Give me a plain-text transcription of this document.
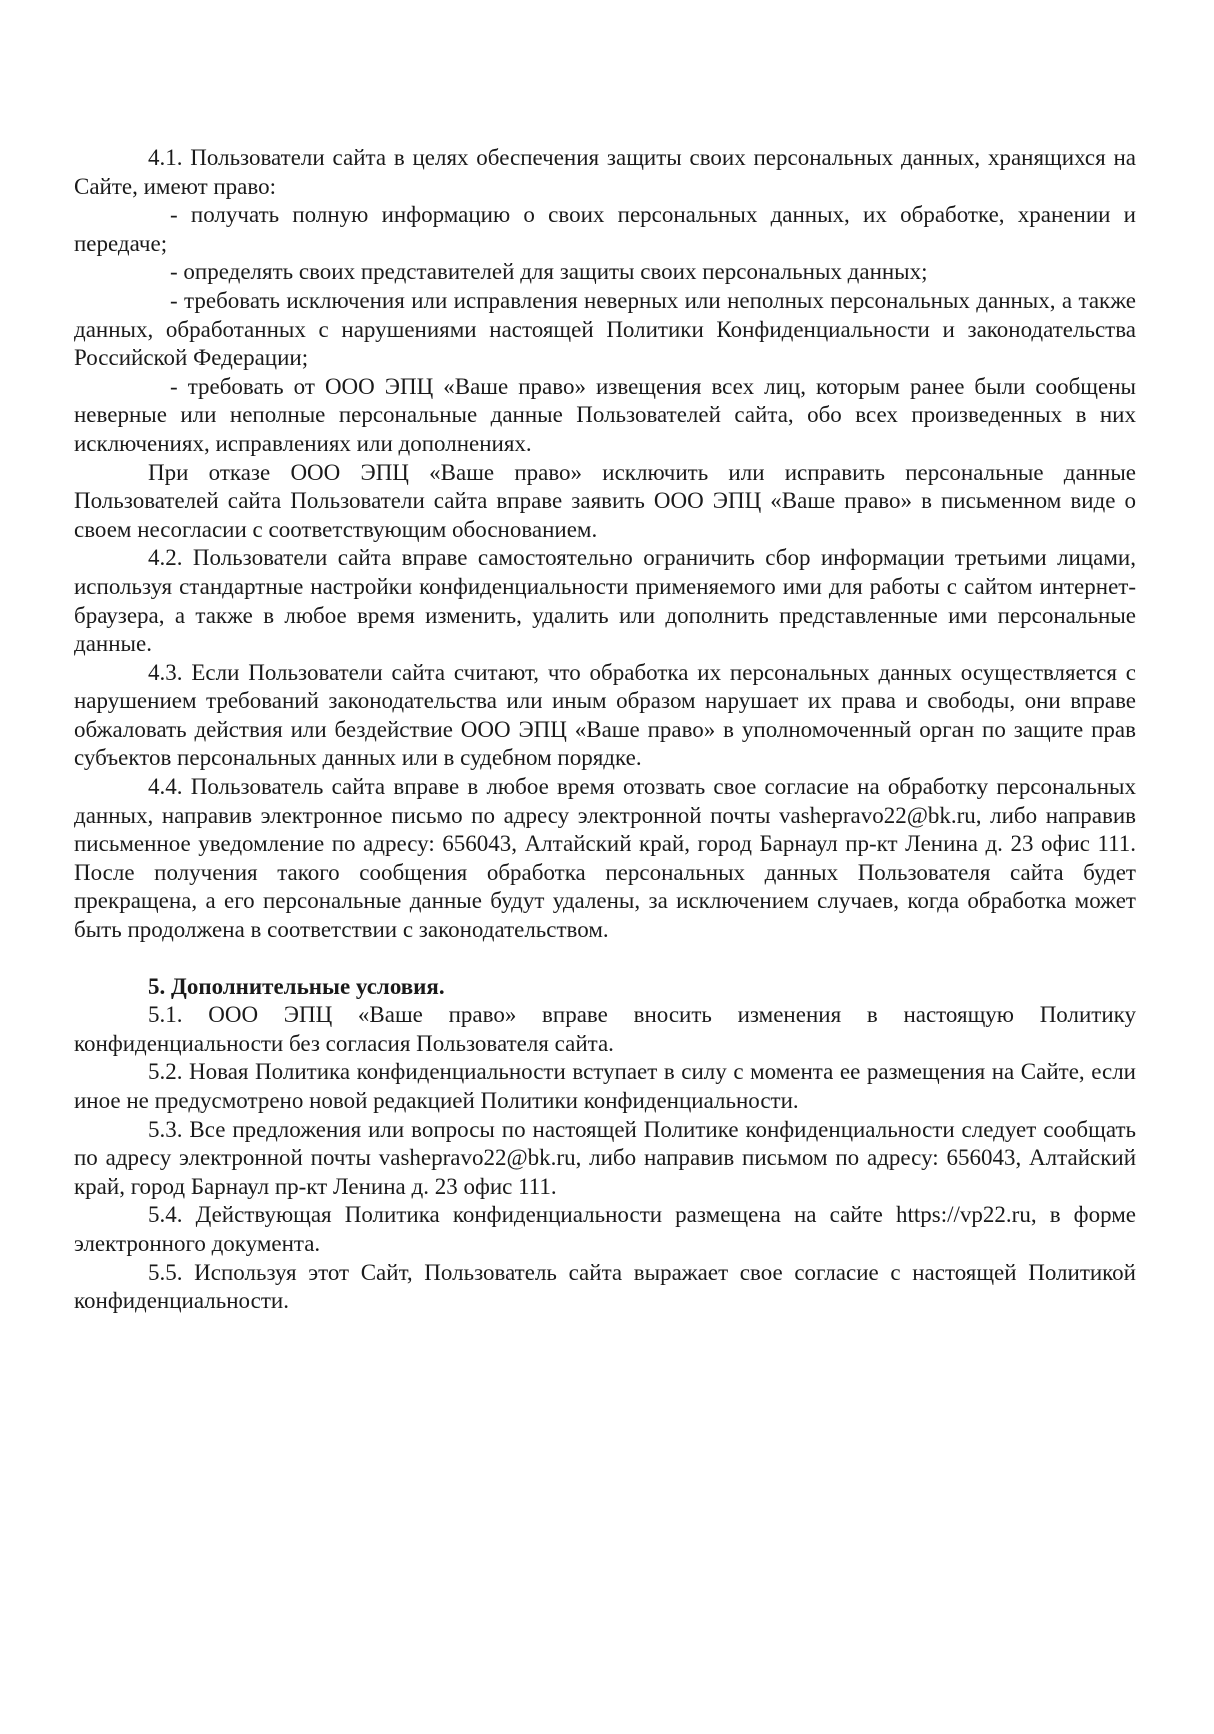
4.1. Пользователи сайта в целях обеспечения защиты своих персональных данных, хранящихся на Сайте, имеют право:

- получать полную информацию о своих персональных данных, их обработке, хранении и передаче;

- определять своих представителей для защиты своих персональных данных;

- требовать исключения или исправления неверных или неполных персональных данных, а также данных, обработанных с нарушениями настоящей Политики Конфиденциальности и законодательства Российской Федерации;

- требовать от ООО ЭПЦ «Ваше право» извещения всех лиц, которым ранее были сообщены неверные или неполные персональные данные Пользователей сайта, обо всех произведенных в них исключениях, исправлениях или дополнениях.

При отказе ООО ЭПЦ «Ваше право» исключить или исправить персональные данные Пользователей сайта Пользователи сайта вправе заявить ООО ЭПЦ «Ваше право» в письменном виде о своем несогласии с соответствующим обоснованием.

4.2. Пользователи сайта вправе самостоятельно ограничить сбор информации третьими лицами, используя стандартные настройки конфиденциальности применяемого ими для работы с сайтом интернет-браузера, а также в любое время изменить, удалить или дополнить представленные ими персональные данные.

4.3. Если Пользователи сайта считают, что обработка их персональных данных осуществляется с нарушением требований законодательства или иным образом нарушает их права и свободы, они вправе обжаловать действия или бездействие ООО ЭПЦ «Ваше право» в уполномоченный орган по защите прав субъектов персональных данных или в судебном порядке.

4.4. Пользователь сайта вправе в любое время отозвать свое согласие на обработку персональных данных, направив электронное письмо по адресу электронной почты vashepravo22@bk.ru, либо направив письменное уведомление по адресу: 656043, Алтайский край, город Барнаул пр-кт Ленина д. 23 офис 111. После получения такого сообщения обработка персональных данных Пользователя сайта будет прекращена, а его персональные данные будут удалены, за исключением случаев, когда обработка может быть продолжена в соответствии с законодательством.

5. Дополнительные условия.

5.1. ООО ЭПЦ «Ваше право» вправе вносить изменения в настоящую Политику конфиденциальности без согласия Пользователя сайта.

5.2. Новая Политика конфиденциальности вступает в силу с момента ее размещения на Сайте, если иное не предусмотрено новой редакцией Политики конфиденциальности.

5.3. Все предложения или вопросы по настоящей Политике конфиденциальности следует сообщать по адресу электронной почты vashepravo22@bk.ru, либо направив письмом по адресу: 656043, Алтайский край, город Барнаул пр-кт Ленина д. 23 офис 111.

5.4. Действующая Политика конфиденциальности размещена на сайте https://vp22.ru, в форме электронного документа.

5.5. Используя этот Сайт, Пользователь сайта выражает свое согласие с настоящей Политикой конфиденциальности.
